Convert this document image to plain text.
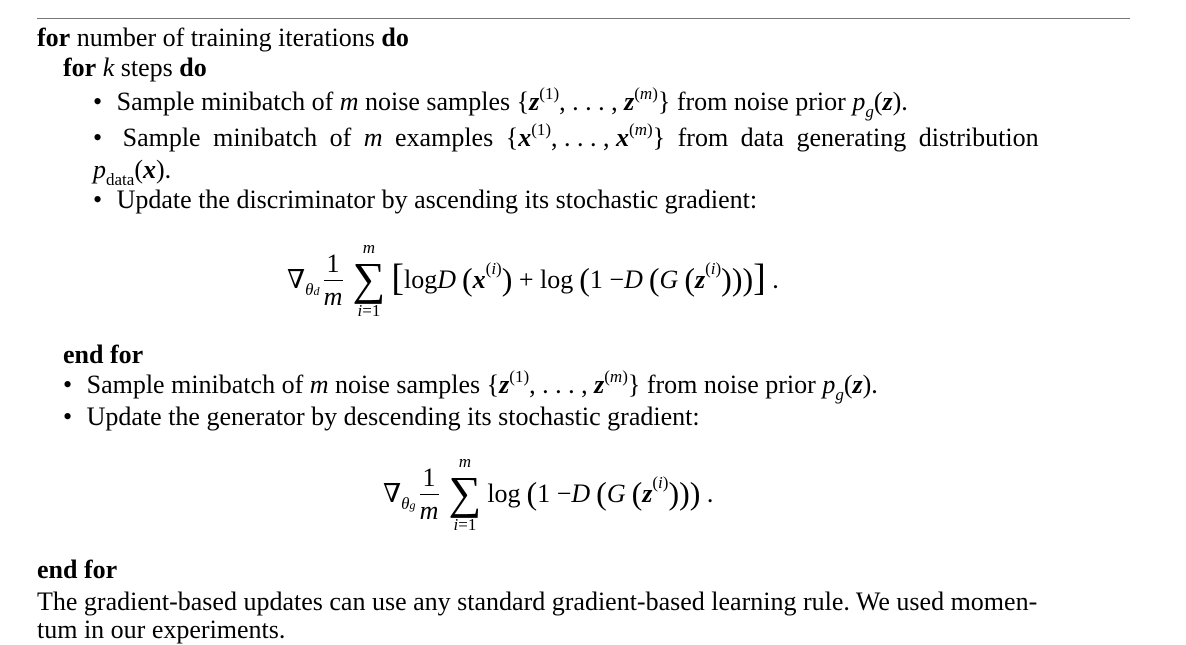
for number of training iterations do
for k steps do
• Sample minibatch of m noise samples {$z^{(1)}$, . . . , $z^{(m)}$} from noise prior $p_g(z)$.
• Sample minibatch of m examples {$x^{(1)}$, . . . , $x^{(m)}$} from data generating distribution
$p_{data}(x)$.
• Update the discriminator by ascending its stochastic gradient:
$\nabla_{\theta d} \frac{1}{m}$ m
∑
i=1
[ log D ( $x^{(i)}$ ) + log ( 1 − D ( G ( $z^{(i)}$ ))) ] .
end for
• Sample minibatch of m noise samples {$z^{(1)}$, . . . , $z^{(m)}$} from noise prior $p_g(z)$.
• Update the generator by descending its stochastic gradient:
$\nabla_{\theta g} \frac{1}{m}$ m
∑
i=1
log ( 1 − D ( G ( $z^{(i)}$ ))) .
end for
The gradient-based updates can use any standard gradient-based learning rule. We used momen-
tum in our experiments.
